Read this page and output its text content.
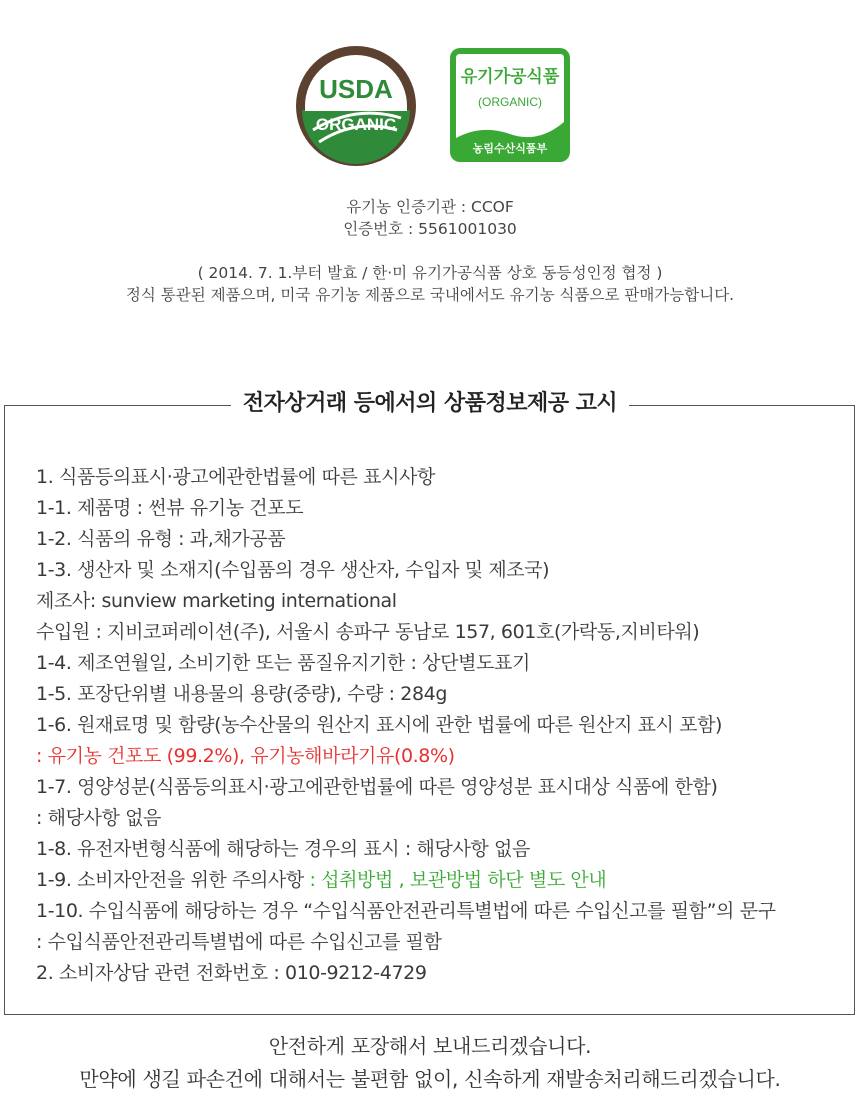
USDA
ORGANIC
유기가공식품
(ORGANIC)
농림수산식품부
유기농 인증기관 : CCOF
인증번호 : 5561001030
( 2014. 7. 1.부터 발효 / 한·미 유기가공식품 상호 동등성인정 협정 )
정식 통관된 제품으며, 미국 유기농 제품으로 국내에서도 유기농 식품으로 판매가능합니다.
전자상거래 등에서의 상품정보제공 고시
1. 식품등의표시·광고에관한법률에 따른 표시사항
1-1. 제품명 : 썬뷰 유기농 건포도
1-2. 식품의 유형 : 과,채가공품
1-3. 생산자 및 소재지(수입품의 경우 생산자, 수입자 및 제조국)
제조사: sunview marketing international
수입원 : 지비코퍼레이션(주), 서울시 송파구 동남로 157, 601호(가락동,지비타워)
1-4. 제조연월일, 소비기한 또는 품질유지기한 : 상단별도표기
1-5. 포장단위별 내용물의 용량(중량), 수량 : 284g
1-6. 원재료명 및 함량(농수산물의 원산지 표시에 관한 법률에 따른 원산지 표시 포함)
: 유기농 건포도 (99.2%), 유기농해바라기유(0.8%)
1-7. 영양성분(식품등의표시·광고에관한법률에 따른 영양성분 표시대상 식품에 한함)
: 해당사항 없음
1-8. 유전자변형식품에 해당하는 경우의 표시 : 해당사항 없음
1-9. 소비자안전을 위한 주의사항 : 섭취방법 , 보관방법 하단 별도 안내
1-10. 수입식품에 해당하는 경우 “수입식품안전관리특별법에 따른 수입신고를 필함”의 문구
: 수입식품안전관리특별법에 따른 수입신고를 필함
2. 소비자상담 관련 전화번호 : 010-9212-4729
안전하게 포장해서 보내드리겠습니다.
만약에 생길 파손건에 대해서는 불편함 없이, 신속하게 재발송처리해드리겠습니다.
